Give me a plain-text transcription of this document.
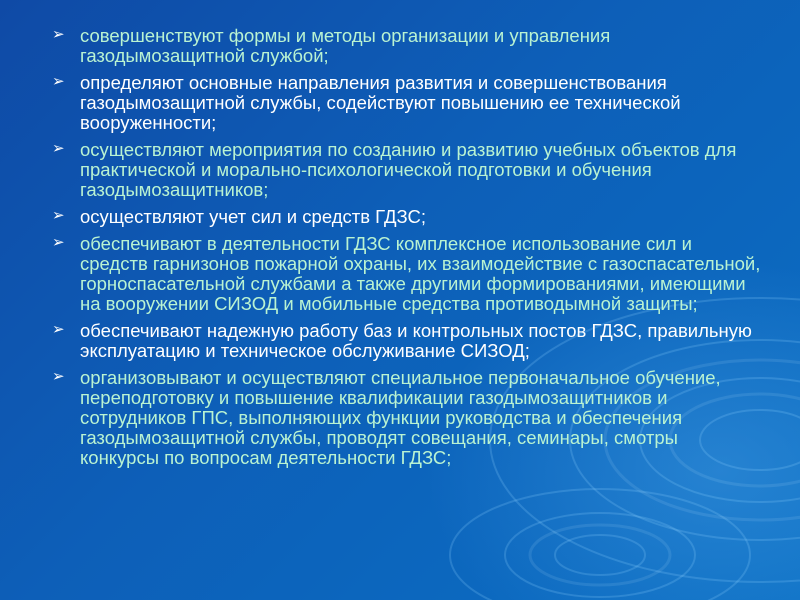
➢ совершенствуют формы и методы организации и управления газодымозащитной службой;
➢ определяют основные направления развития и совершенствования газодымозащитной службы, содействуют повышению ее технической вооруженности;
➢ осуществляют мероприятия по созданию и развитию учебных объектов для практической и морально-психологической подготовки и обучения газодымозащитников;
➢ осуществляют учет сил и средств ГДЗС;
➢ обеспечивают в деятельности ГДЗС комплексное использование сил и средств гарнизонов пожарной охраны, их взаимодействие с газоспасательной, горноспасательной службами а также другими формированиями, имеющими на вооружении СИЗОД и мобильные средства противодымной защиты;
➢ обеспечивают надежную работу баз и контрольных постов ГДЗС, правильную эксплуатацию и техническое обслуживание СИЗОД;
➢ организовывают и осуществляют специальное первоначальное обучение, переподготовку и повышение квалификации газодымозащитников и сотрудников ГПС, выполняющих функции руководства и обеспечения газодымозащитной службы, проводят совещания, семинары, смотры конкурсы по вопросам деятельности ГДЗС;
